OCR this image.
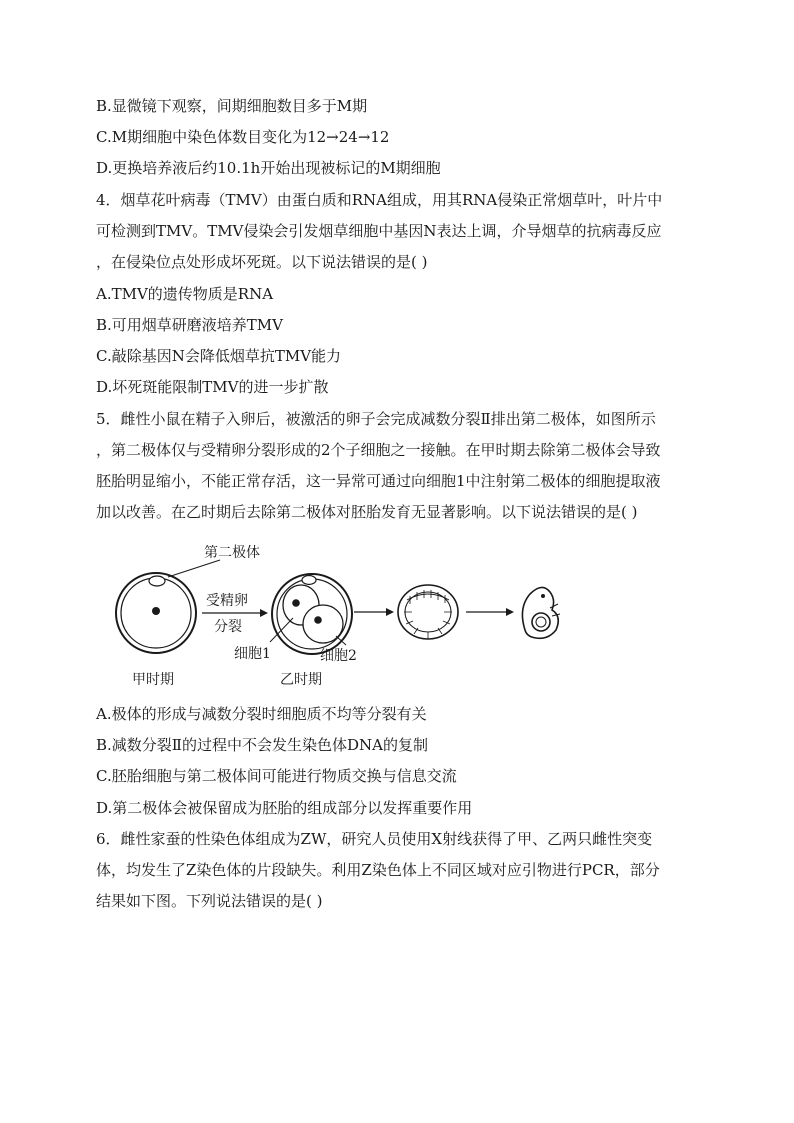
B.显微镜下观察，间期细胞数目多于M期
C.M期细胞中染色体数目变化为12→24→12
D.更换培养液后约10.1h开始出现被标记的M期细胞
4．烟草花叶病毒（TMV）由蛋白质和RNA组成，用其RNA侵染正常烟草叶，叶片中
可检测到TMV。TMV侵染会引发烟草细胞中基因N表达上调，介导烟草的抗病毒反应
，在侵染位点处形成坏死斑。以下说法错误的是( )
A.TMV的遗传物质是RNA
B.可用烟草研磨液培养TMV
C.敲除基因N会降低烟草抗TMV能力
D.坏死斑能限制TMV的进一步扩散
5．雌性小鼠在精子入卵后，被激活的卵子会完成减数分裂Ⅱ排出第二极体，如图所示
，第二极体仅与受精卵分裂形成的2个子细胞之一接触。在甲时期去除第二极体会导致
胚胎明显缩小，不能正常存活，这一异常可通过向细胞1中注射第二极体的细胞提取液
加以改善。在乙时期后去除第二极体对胚胎发育无显著影响。以下说法错误的是( )
第二极体
受精卵
分裂
细胞1	细胞2
甲时期	乙时期
A.极体的形成与减数分裂时细胞质不均等分裂有关
B.减数分裂Ⅱ的过程中不会发生染色体DNA的复制
C.胚胎细胞与第二极体间可能进行物质交换与信息交流
D.第二极体会被保留成为胚胎的组成部分以发挥重要作用
6．雌性家蚕的性染色体组成为ZW，研究人员使用X射线获得了甲、乙两只雌性突变
体，均发生了Z染色体的片段缺失。利用Z染色体上不同区域对应引物进行PCR，部分
结果如下图。下列说法错误的是( )
